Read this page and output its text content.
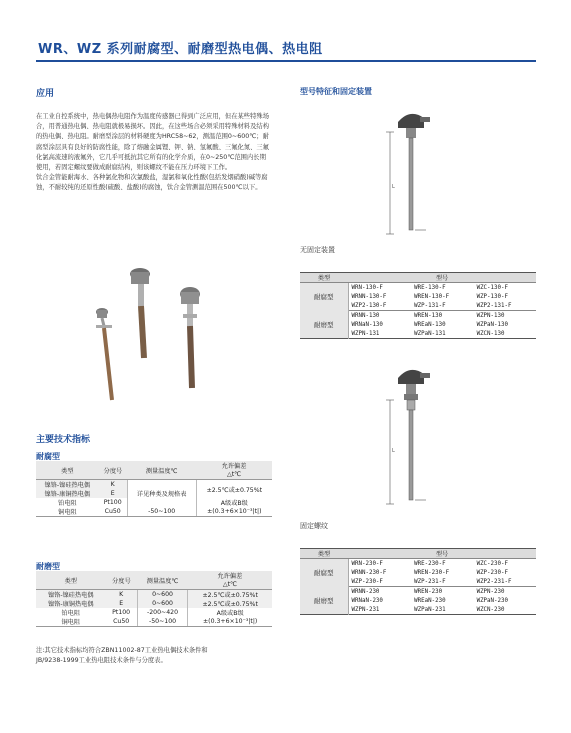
WR、WZ 系列耐腐型、耐磨型热电偶、热电阻
应用

在工业自控系统中，热电偶热电阻作为温度传感器已得到广泛应用，但在某些特殊场合，用普通热电偶、热电阻就极易损坏。因此，在这些场合必须采用特殊材料及结构的热电偶、热电阻。耐磨型涂层的材料硬度为HRC58~62，测温范围0~600℃；耐腐型涂层具有良好的防腐性能，除了熔融金属锂、钾、钠、氢氟酸、三氟化氮、三氟化氯高流速的液氟外，它几乎可抵抗其它所有的化学介质，在0~250℃范围内长期使用，若固定螺纹要做成耐腐结构，则该螺纹不能在压力环境下工作。

钛合金管能耐海水、各种氯化物和次氯酸盐，湿氯和氧化性酸(包括发烟硝酸)碱等腐蚀，不耐较纯的还原性酸(硫酸、盐酸)的腐蚀，钛合金管测温范围在500℃以下。

主要技术指标
耐腐型
类型	分度号	测量温度℃	允许偏差
			△t℃
镍铬-镍硅热电偶	K	详见种类及规格表	±2.5℃或±0.75%t
镍铬-康铜热电偶	E		
铂电阻	Pt100		A级或B级
铜电阻	Cu50	-50~100	±(0.3+6×10⁻³|t|)
耐磨型
类型	分度号	测量温度℃	允许偏差
			△t℃
镍铬-镍硅热电偶	K	0~600	±2.5℃或±0.75%t
镍铬-康铜热电偶	E	0~600	±2.5℃或±0.75%t
铂电阻	Pt100	-200~420	A级或B级
铜电阻	Cu50	-50~100	±(0.3+6×10⁻³|t|)
注:其它技术指标均符合ZBN11002-87工业热电偶技术条件和
JB/9238-1999工业热电阻技术条件与分度表。
型号特征和固定装置
L
无固定装置
类型	型号		
耐腐型	WRN-130-F	WRE-130-F	WZC-130-F
	WRNN-130-F	WREN-130-F	WZP-130-F
	WZP2-130-F	WZP-131-F	WZP2-131-F
耐磨型	WRNN-130	WREN-130	WZPN-130
	WRNaN-130	WREaN-130	WZPaN-130
	WZPN-131	WZPaN-131	WZCN-130
L
固定螺纹
类型	型号		
耐腐型	WRN-230-F	WRE-230-F	WZC-230-F
	WRNN-230-F	WREN-230-F	WZP-230-F
	WZP-230-F	WZP-231-F	WZP2-231-F
耐磨型	WRNN-230	WREN-230	WZPN-230
	WRNaN-230	WREaN-230	WZPaN-230
	WZPN-231	WZPaN-231	WZCN-230
